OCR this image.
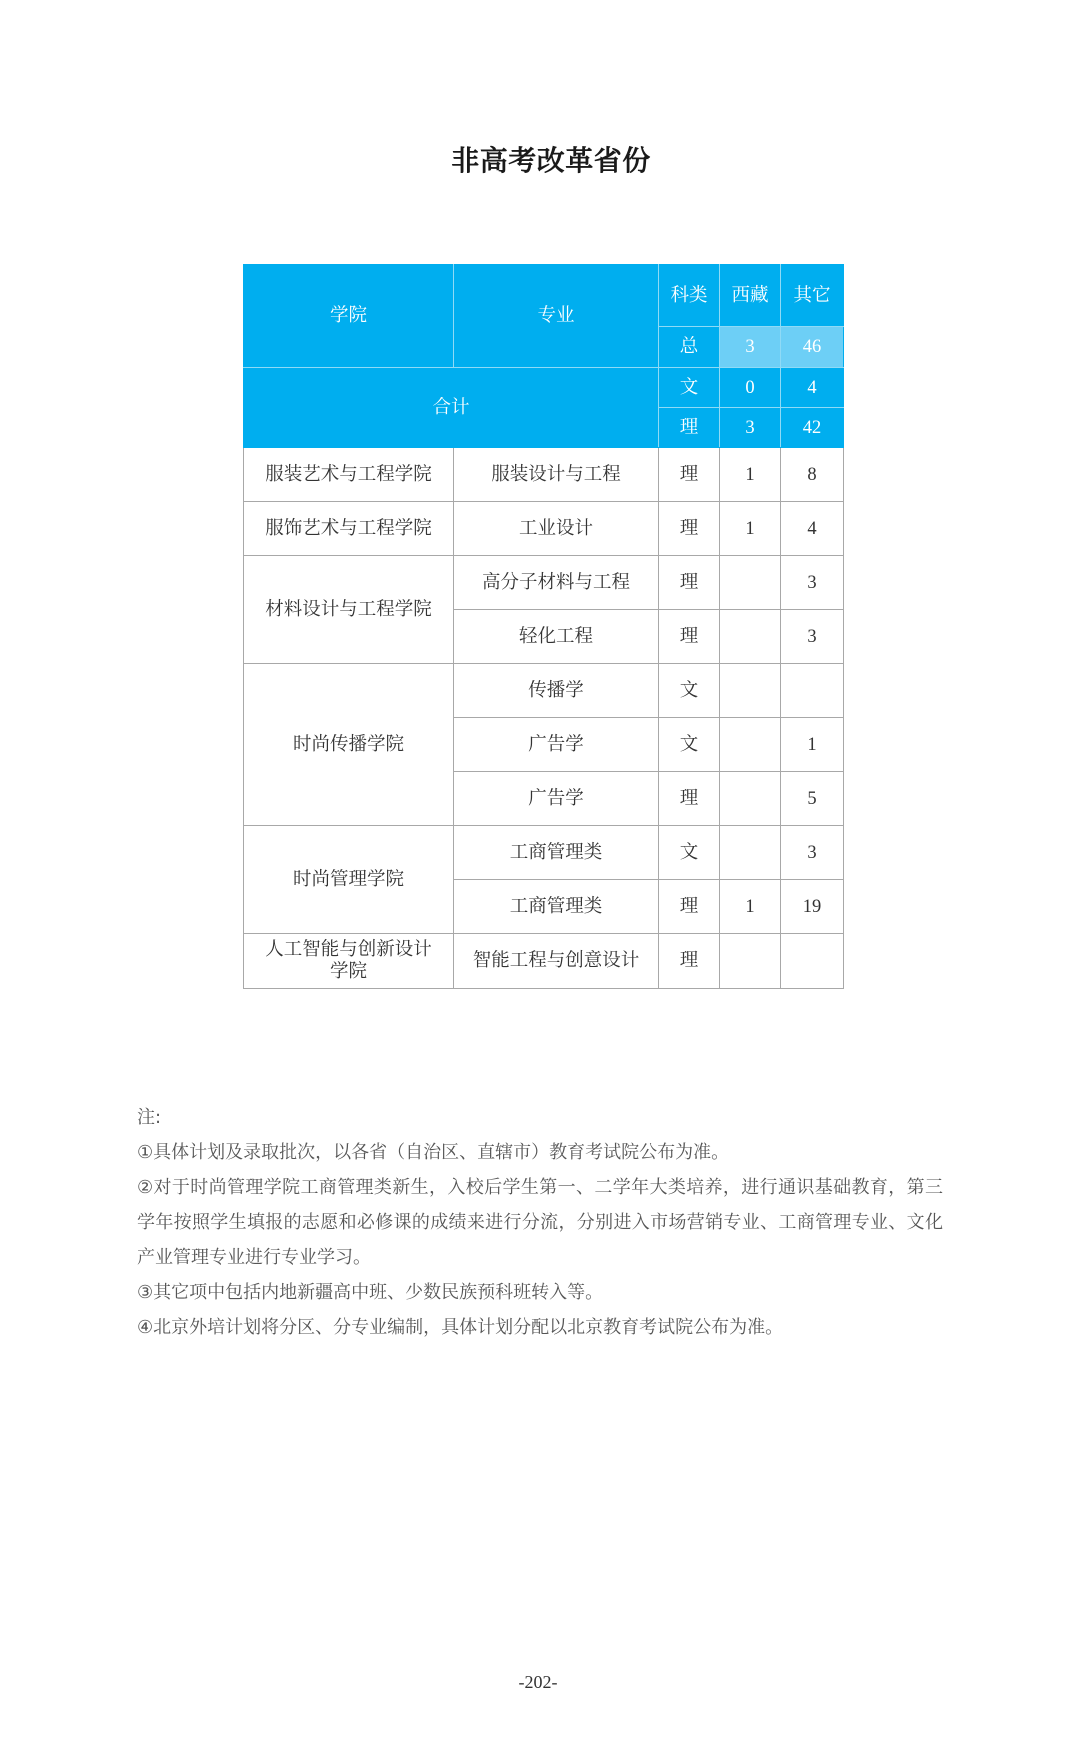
非高考改革省份
学院	专业	科类	西藏	其它
		总	3	46
合计		文	0	4
		理	3	42
服装艺术与工程学院	服装设计与工程	理	1	8
服饰艺术与工程学院	工业设计	理	1	4
材料设计与工程学院	高分子材料与工程	理		3
	轻化工程	理		3
时尚传播学院	传播学	文		
	广告学	文		1
	广告学	理		5
时尚管理学院	工商管理类	文		3
	工商管理类	理	1	19
人工智能与创新设计学院	智能工程与创意设计	理		
注:
①具体计划及录取批次，以各省（自治区、直辖市）教育考试院公布为准。
②对于时尚管理学院工商管理类新生，入校后学生第一、二学年大类培养，进行通识基础教育，第三学年按照学生填报的志愿和必修课的成绩来进行分流，分别进入市场营销专业、工商管理专业、文化产业管理专业进行专业学习。
③其它项中包括内地新疆高中班、少数民族预科班转入等。
④北京外培计划将分区、分专业编制，具体计划分配以北京教育考试院公布为准。
-202-
